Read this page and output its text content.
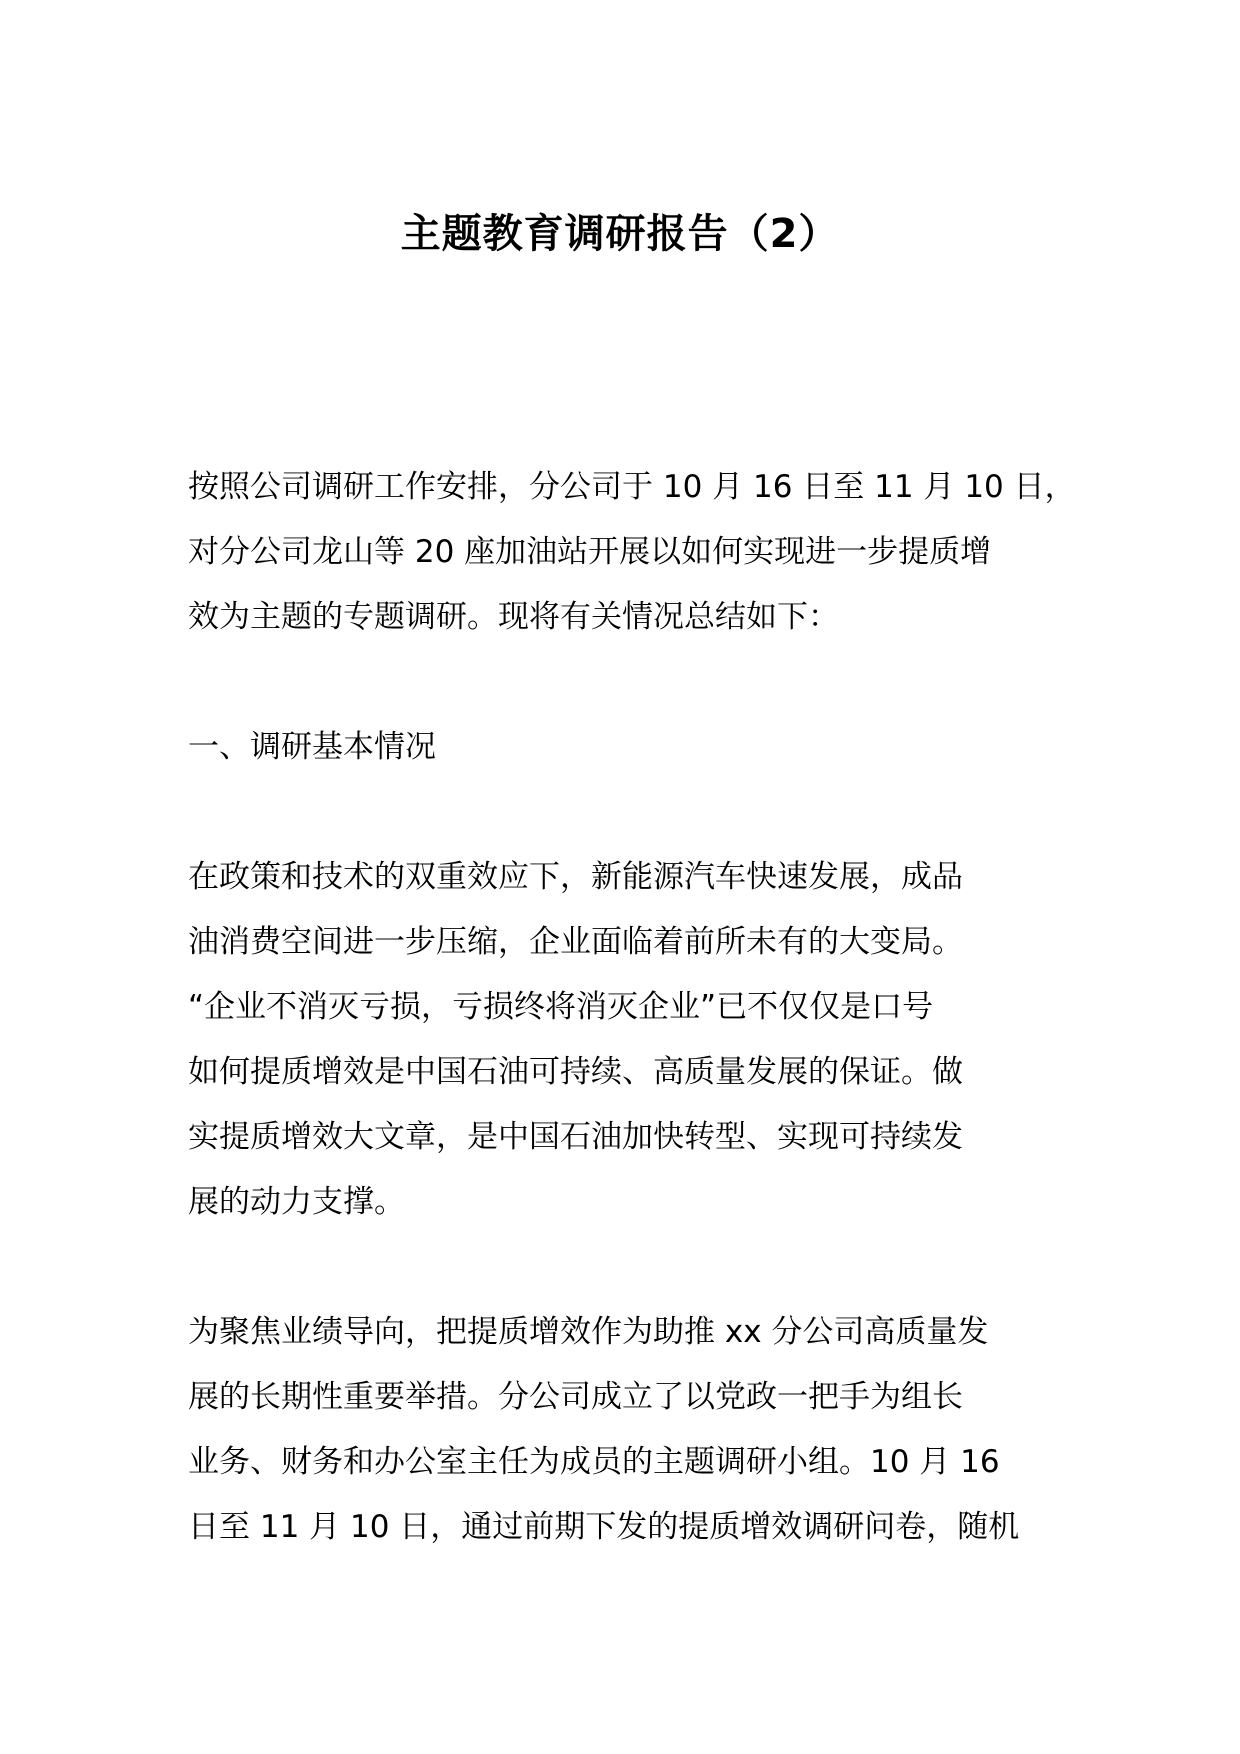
主题教育调研报告（2）
按照公司调研工作安排，分公司于 10 月 16 日至 11 月 10 日，
对分公司龙山等 20 座加油站开展以如何实现进一步提质增
效为主题的专题调研。现将有关情况总结如下：
一、调研基本情况
在政策和技术的双重效应下，新能源汽车快速发展，成品
油消费空间进一步压缩，企业面临着前所未有的大变局。
“企业不消灭亏损，亏损终将消灭企业”已不仅仅是口号
如何提质增效是中国石油可持续、高质量发展的保证。做
实提质增效大文章，是中国石油加快转型、实现可持续发
展的动力支撑。
为聚焦业绩导向，把提质增效作为助推 xx 分公司高质量发
展的长期性重要举措。分公司成立了以党政一把手为组长
业务、财务和办公室主任为成员的主题调研小组。10 月 16
日至 11 月 10 日，通过前期下发的提质增效调研问卷，随机
